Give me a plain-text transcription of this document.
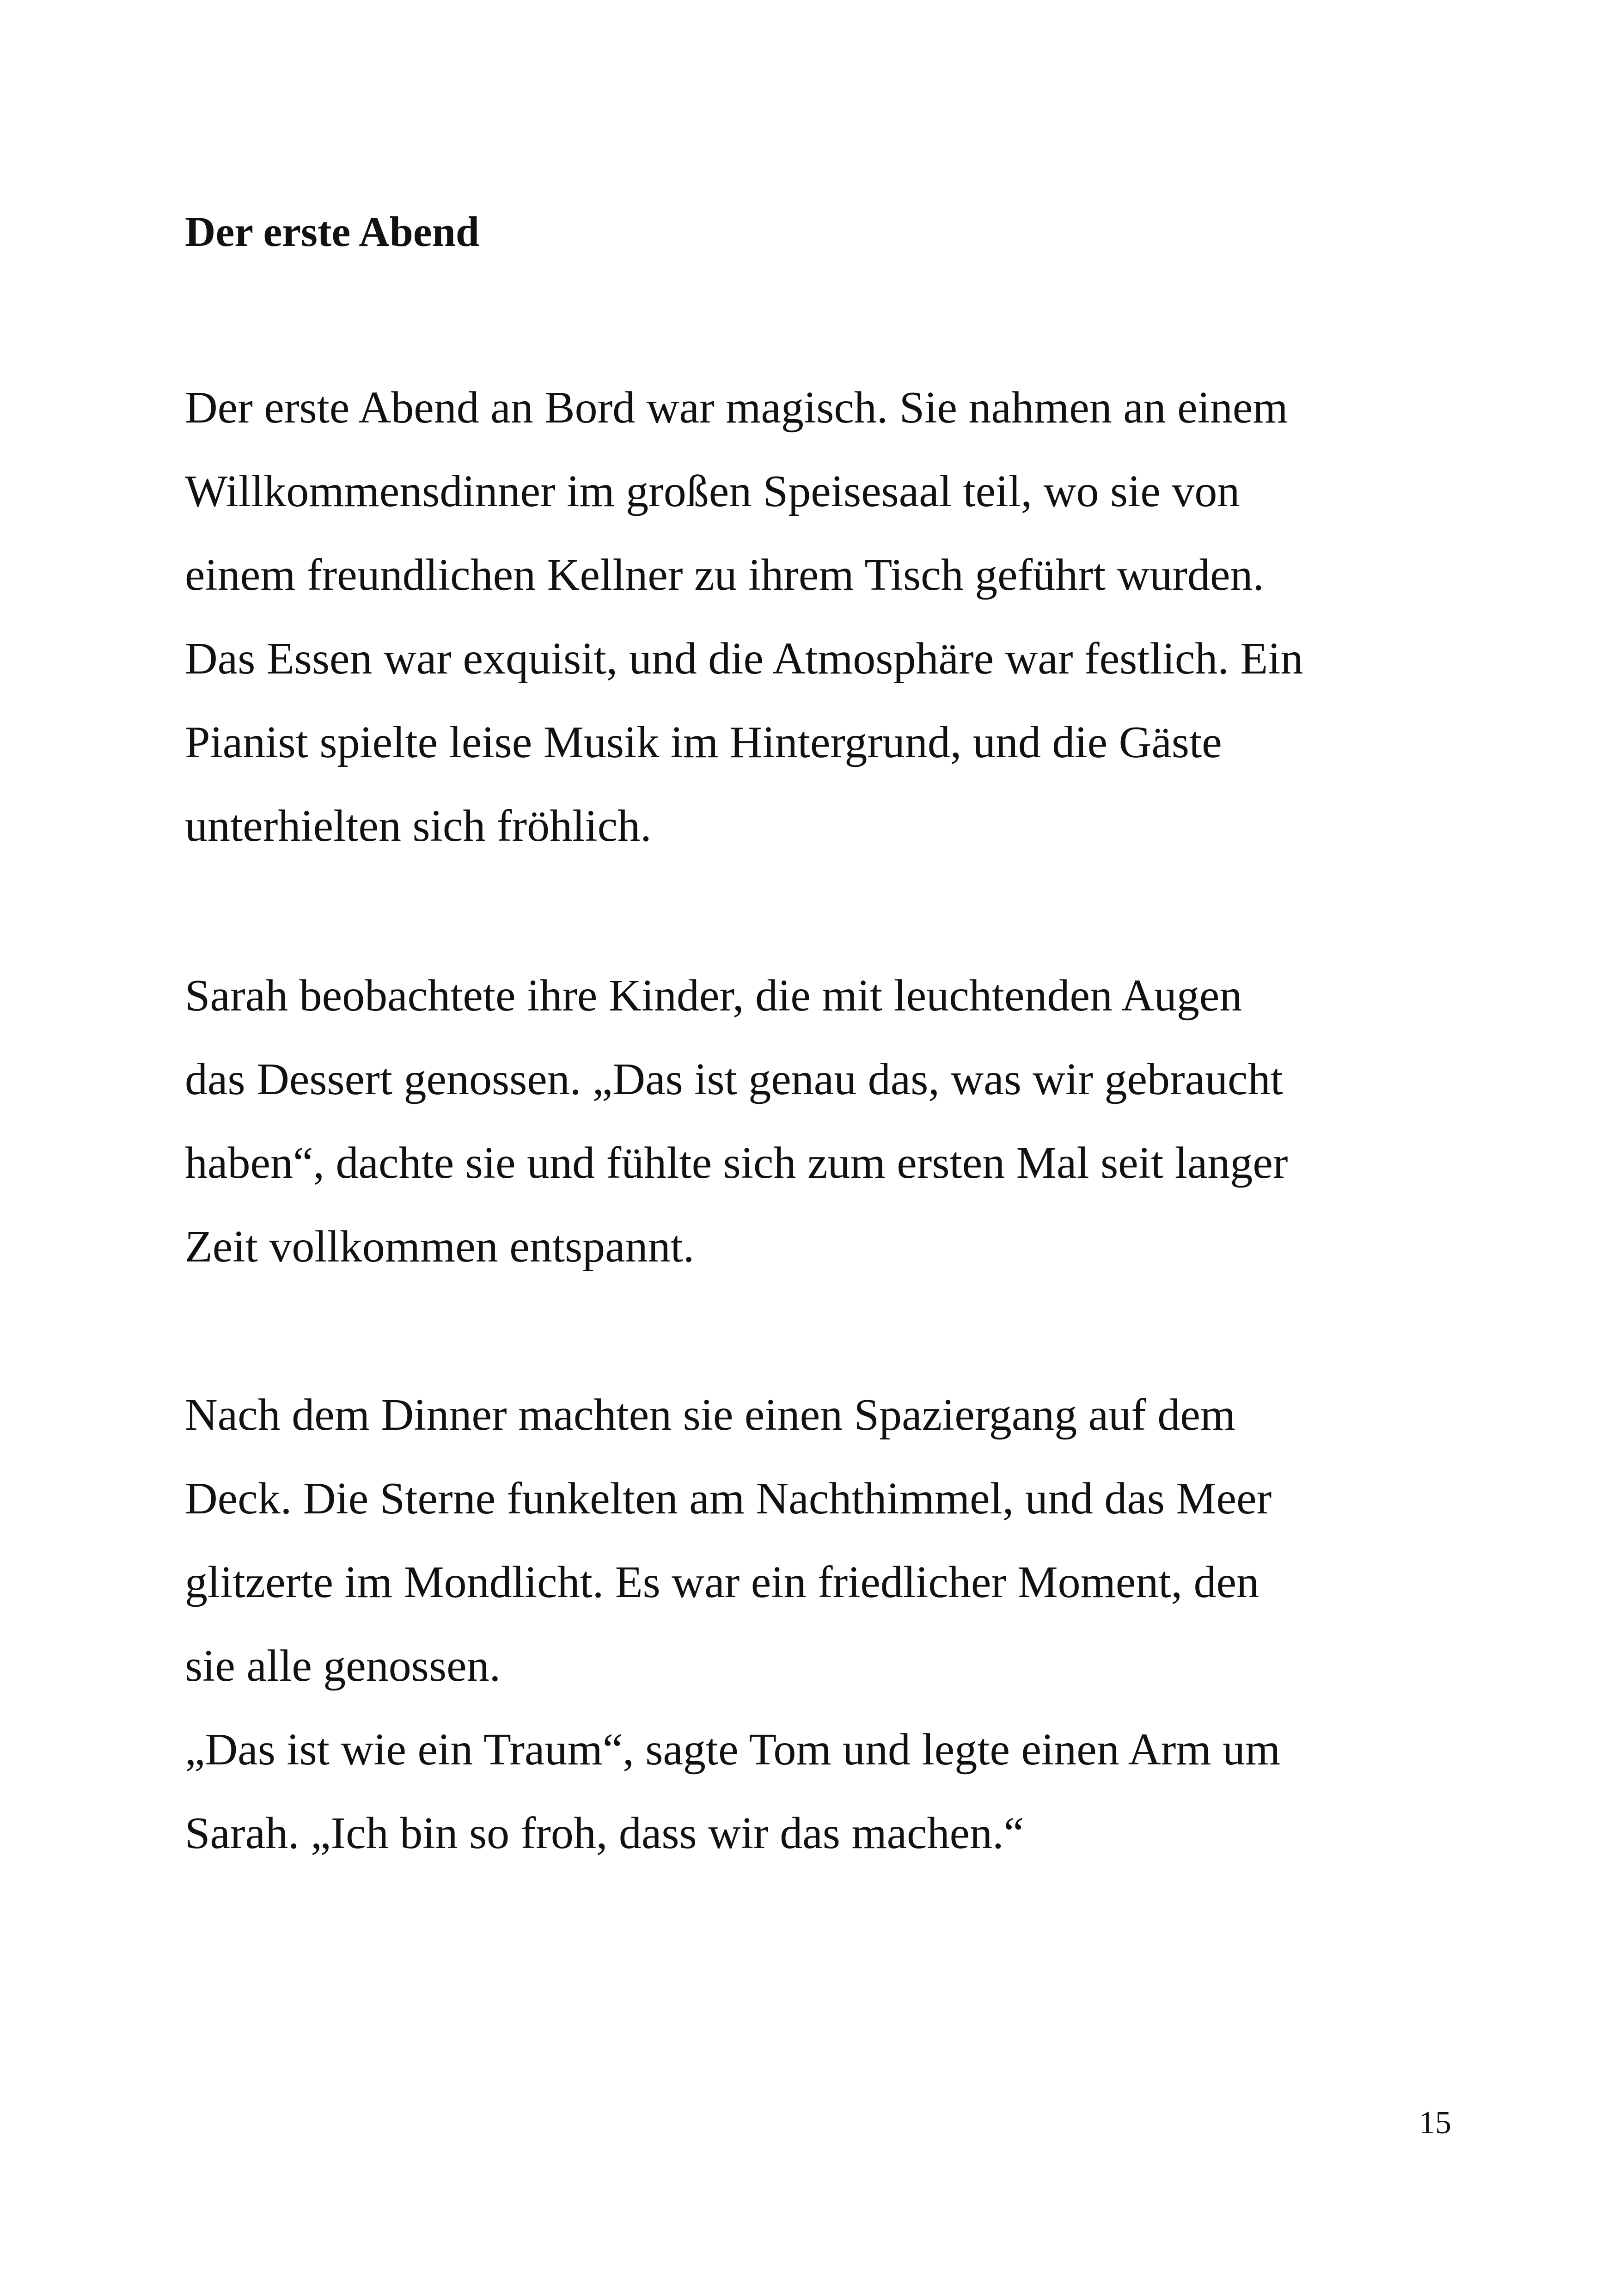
Der erste Abend

Der erste Abend an Bord war magisch. Sie nahmen an einem
Willkommensdinner im großen Speisesaal teil, wo sie von
einem freundlichen Kellner zu ihrem Tisch geführt wurden.
Das Essen war exquisit, und die Atmosphäre war festlich. Ein
Pianist spielte leise Musik im Hintergrund, und die Gäste
unterhielten sich fröhlich.

Sarah beobachtete ihre Kinder, die mit leuchtenden Augen
das Dessert genossen. „Das ist genau das, was wir gebraucht
haben“, dachte sie und fühlte sich zum ersten Mal seit langer
Zeit vollkommen entspannt.

Nach dem Dinner machten sie einen Spaziergang auf dem
Deck. Die Sterne funkelten am Nachthimmel, und das Meer
glitzerte im Mondlicht. Es war ein friedlicher Moment, den
sie alle genossen.
„Das ist wie ein Traum“, sagte Tom und legte einen Arm um
Sarah. „Ich bin so froh, dass wir das machen.“

15
